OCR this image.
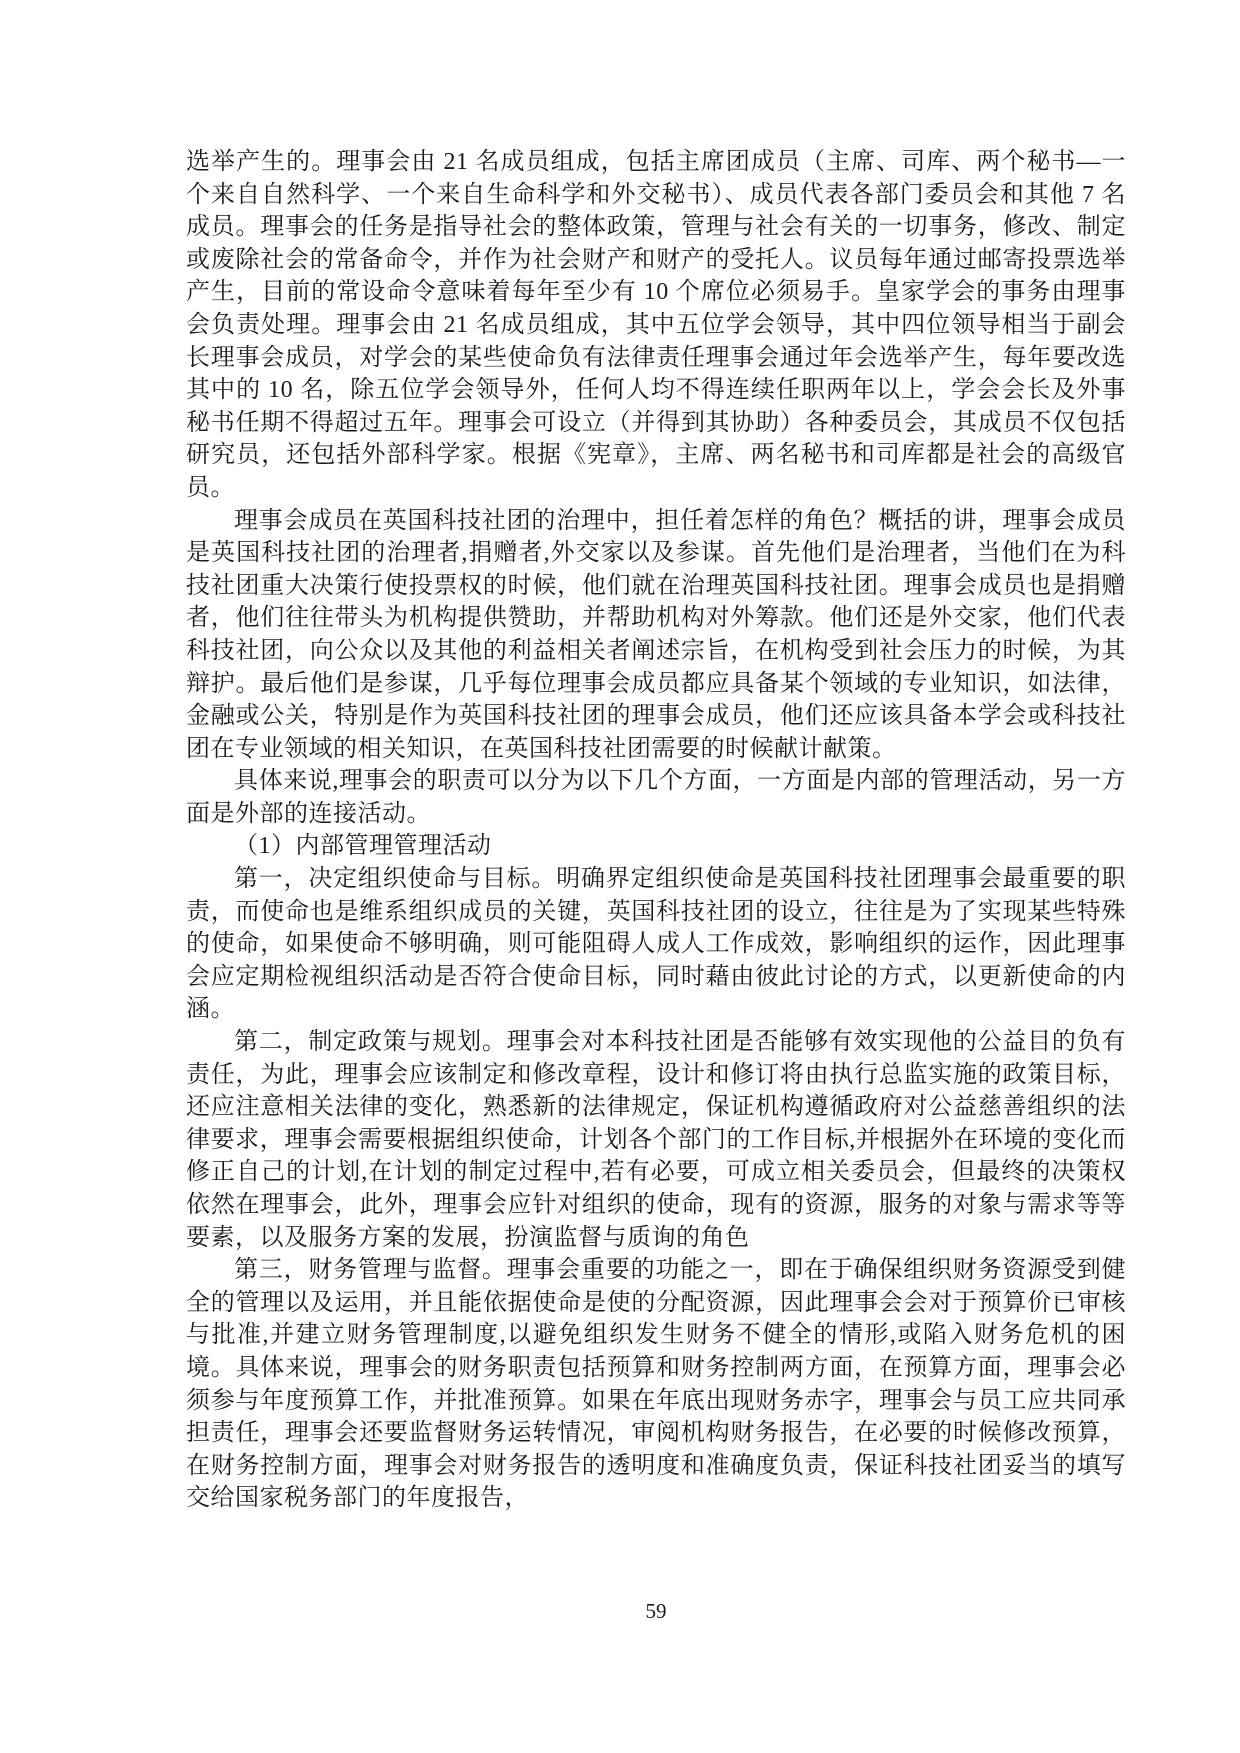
选举产生的。理事会由 21 名成员组成，包括主席团成员（主席、司库、两个秘书—一个来自自然科学、一个来自生命科学和外交秘书）、成员代表各部门委员会和其他 7 名成员。理事会的任务是指导社会的整体政策，管理与社会有关的一切事务，修改、制定或废除社会的常备命令，并作为社会财产和财产的受托人。议员每年通过邮寄投票选举产生，目前的常设命令意味着每年至少有 10 个席位必须易手。皇家学会的事务由理事会负责处理。理事会由 21 名成员组成，其中五位学会领导，其中四位领导相当于副会长理事会成员，对学会的某些使命负有法律责任理事会通过年会选举产生，每年要改选其中的 10 名，除五位学会领导外，任何人均不得连续任职两年以上，学会会长及外事秘书任期不得超过五年。理事会可设立（并得到其协助）各种委员会，其成员不仅包括研究员，还包括外部科学家。根据《宪章》，主席、两名秘书和司库都是社会的高级官员。

理事会成员在英国科技社团的治理中，担任着怎样的角色？概括的讲，理事会成员是英国科技社团的治理者,捐赠者,外交家以及参谋。首先他们是治理者，当他们在为科技社团重大决策行使投票权的时候，他们就在治理英国科技社团。理事会成员也是捐赠者，他们往往带头为机构提供赞助，并帮助机构对外筹款。他们还是外交家，他们代表科技社团，向公众以及其他的利益相关者阐述宗旨，在机构受到社会压力的时候，为其辩护。最后他们是参谋，几乎每位理事会成员都应具备某个领域的专业知识，如法律，金融或公关，特别是作为英国科技社团的理事会成员，他们还应该具备本学会或科技社团在专业领域的相关知识，在英国科技社团需要的时候献计献策。

具体来说,理事会的职责可以分为以下几个方面，一方面是内部的管理活动，另一方面是外部的连接活动。

（1）内部管理管理活动

第一，决定组织使命与目标。明确界定组织使命是英国科技社团理事会最重要的职责，而使命也是维系组织成员的关键，英国科技社团的设立，往往是为了实现某些特殊的使命，如果使命不够明确，则可能阻碍人成人工作成效，影响组织的运作，因此理事会应定期检视组织活动是否符合使命目标，同时藉由彼此讨论的方式，以更新使命的内涵。

第二，制定政策与规划。理事会对本科技社团是否能够有效实现他的公益目的负有责任，为此，理事会应该制定和修改章程，设计和修订将由执行总监实施的政策目标，还应注意相关法律的变化，熟悉新的法律规定，保证机构遵循政府对公益慈善组织的法律要求，理事会需要根据组织使命，计划各个部门的工作目标,并根据外在环境的变化而修正自己的计划,在计划的制定过程中,若有必要，可成立相关委员会，但最终的决策权依然在理事会，此外，理事会应针对组织的使命，现有的资源，服务的对象与需求等等要素，以及服务方案的发展，扮演监督与质询的角色

第三，财务管理与监督。理事会重要的功能之一，即在于确保组织财务资源受到健全的管理以及运用，并且能依据使命是使的分配资源，因此理事会会对于预算价已审核与批准,并建立财务管理制度,以避免组织发生财务不健全的情形,或陷入财务危机的困境。具体来说，理事会的财务职责包括预算和财务控制两方面，在预算方面，理事会必须参与年度预算工作，并批准预算。如果在年底出现财务赤字，理事会与员工应共同承担责任，理事会还要监督财务运转情况，审阅机构财务报告，在必要的时候修改预算，在财务控制方面，理事会对财务报告的透明度和准确度负责，保证科技社团妥当的填写交给国家税务部门的年度报告，

59
